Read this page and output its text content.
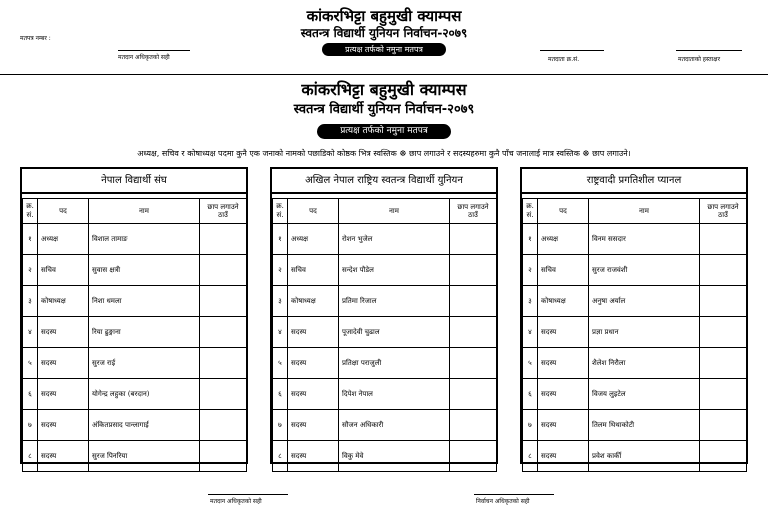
कांकरभिट्टा बहुमुखी क्याम्पस
स्वतन्त्र विद्यार्थी युनियन निर्वाचन-२०७९
प्रत्यक्ष तर्फको नमुना मतपत्र
मतपत्र नम्बर :
मतदान अधिकृतको सही	मतदाता क्र.सं.	मतदाताको हस्ताक्षर
कांकरभिट्टा बहुमुखी क्याम्पस
स्वतन्त्र विद्यार्थी युनियन निर्वाचन-२०७९
प्रत्यक्ष तर्फको नमुना मतपत्र
अध्यक्ष, सचिव र कोषाध्यक्ष पदमा कुनै एक जनाको नामको पछाडिको कोष्ठक भित्र स्वस्तिक ☸ छाप लगाउने र सदस्यहरुमा कुनै पाँच जनालाई मात्र स्वस्तिक ☸ छाप लगाउने।
नेपाल विद्यार्थी संघ
क्र. सं.	पद	नाम	छाप लगाउने ठाउँ
१	अध्यक्ष	विशाल तामाङ	
२	सचिव	सुवास क्षत्री	
३	कोषाध्यक्ष	निशा धमला	
४	सदस्य	रिया ढुङ्गाना	
५	सदस्य	सुरज राई	
६	सदस्य	योगेन्द्र लहुका (बरदान)	
७	सदस्य	अंकितप्रसाद पान्लागाई	
८	सदस्य	सुरज पिनरिया	
अखिल नेपाल राष्ट्रिय स्वतन्त्र विद्यार्थी युनियन
क्र. सं.	पद	नाम	छाप लगाउने ठाउँ
१	अध्यक्ष	रोशन भुजेल	
२	सचिव	सन्देश पौडेल	
३	कोषाध्यक्ष	प्रतिमा रिजाल	
४	सदस्य	पूजादेवी चुढाल	
५	सदस्य	प्रतिक्षा पराजुली	
६	सदस्य	दिपेश नेपाल	
७	सदस्य	सौजन अधिकारी	
८	सदस्य	विकु मेवे	
राष्ट्रवादी प्रगतिशील प्यानल
क्र. सं.	पद	नाम	छाप लगाउने ठाउँ
१	अध्यक्ष	विनम ससदार	
२	सचिव	सुरज राजवंशी	
३	कोषाध्यक्ष	अनुषा अर्याल	
४	सदस्य	प्रज्ञा प्रधान	
५	सदस्य	शैलेश निरौला	
६	सदस्य	विजय लुइटेल	
७	सदस्य	तिलम थिथाकोटी	
८	सदस्य	प्रवेश कार्की	
मतदान अधिकृतको सही	निर्वाचन अधिकृतको सही
